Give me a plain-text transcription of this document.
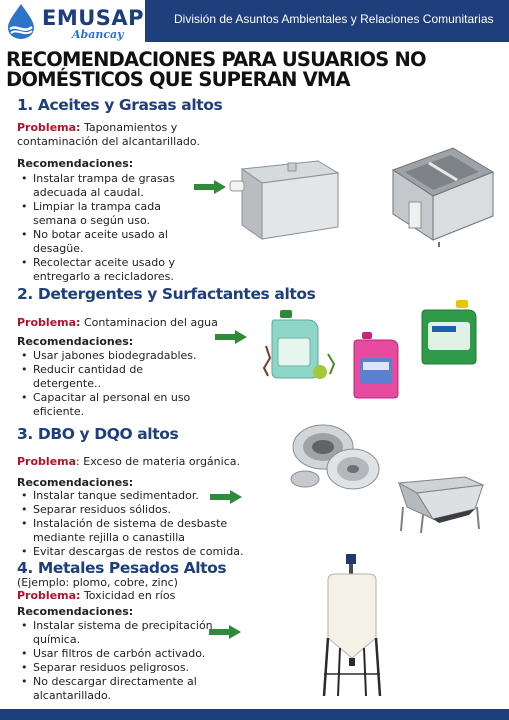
EMUSAP
Abancay
División de Asuntos Ambientales y Relaciones Comunitarias
RECOMENDACIONES PARA USUARIOS NO DOMÉSTICOS QUE SUPERAN VMA
1. Aceites y Grasas altos
Problema: Taponamientos y contaminación del alcantarillado.
Recomendaciones:
• Instalar trampa de grasas adecuada al caudal.
• Limpiar la trampa cada semana o según uso.
• No botar aceite usado al desagüe.
• Recolectar aceite usado y entregarlo a recicladores.
2. Detergentes y Surfactantes altos
Problema: Contaminacion del agua
Recomendaciones:
• Usar jabones biodegradables.
• Reducir cantidad de detergente..
• Capacitar al personal en uso eficiente.
3. DBO y DQO altos
Problema: Exceso de materia orgánica.
Recomendaciones:
• Instalar tanque sedimentador.
• Separar residuos sólidos.
• Instalación de sistema de desbaste mediante rejilla o canastilla
• Evitar descargas de restos de comida.
4. Metales Pesados Altos
(Ejemplo: plomo, cobre, zinc)
Problema: Toxicidad en ríos
Recomendaciones:
• Instalar sistema de precipitación química.
• Usar filtros de carbón activado.
• Separar residuos peligrosos.
• No descargar directamente al alcantarillado.
